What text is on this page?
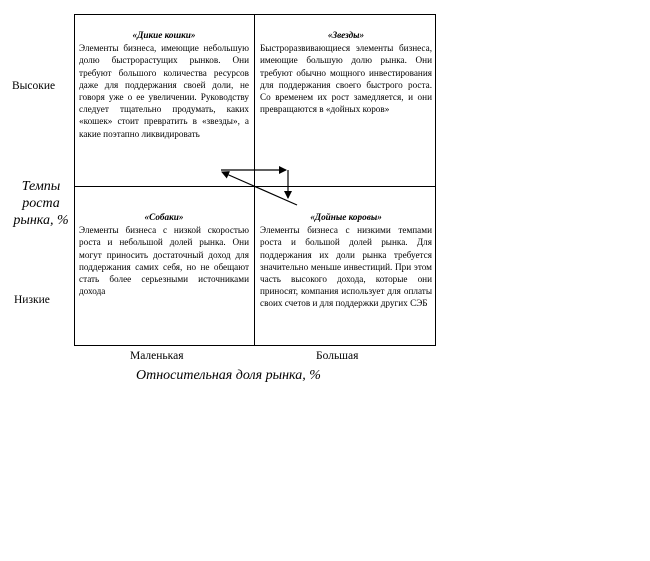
Высокие
Темпы роста рынка, %
Низкие
«Дикие кошки»
Элементы бизнеса, имеющие небольшую долю быстрорастущих рынков. Они требуют большого количества ресурсов даже для поддержания своей доли, не говоря уже о ее увеличении. Руководству следует тщательно продумать, каких «кошек» стоит превратить в «звезды», а какие поэтапно ликвидировать
«Звезды»
Быстроразвивающиеся элементы бизнеса, имеющие большую долю рынка. Они требуют обычно мощного инвестирования для поддержания своего быстрого роста. Со временем их рост замедляется, и они превращаются в «дойных коров»
«Собаки»
Элементы бизнеса с низкой скоростью роста и небольшой долей рынка. Они могут приносить достаточный доход для поддержания самих себя, но не обещают стать более серьезными источниками дохода
«Дойные коровы»
Элементы бизнеса с низкими темпами роста и большой долей рынка. Для поддержания их доли рынка требуется значительно меньше инвестиций. При этом часть высокого дохода, которые они приносят, компания использует для оплаты своих счетов и для поддержки других СЭБ
Маленькая	Большая
Относительная доля рынка, %
